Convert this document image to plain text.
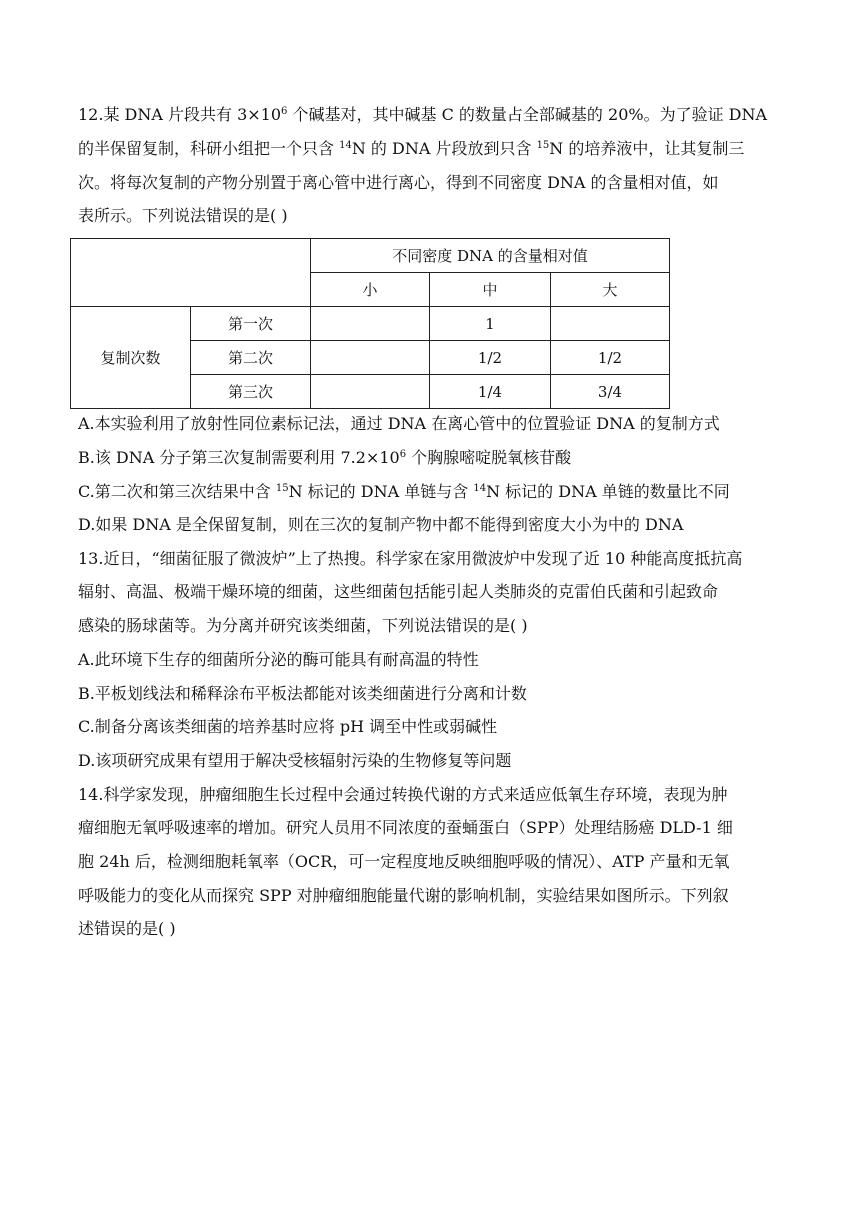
12.某 DNA 片段共有 $3\times 10^6$ 个碱基对，其中碱基 C 的数量占全部碱基的 20%。为了验证 DNA
的半保留复制，科研小组把一个只含 $^{14}$N 的 DNA 片段放到只含 $^{15}$N 的培养液中，让其复制三
次。将每次复制的产物分别置于离心管中进行离心，得到不同密度 DNA 的含量相对值，如
表所示。下列说法错误的是( )
		不同密度 DNA 的含量相对值		
		小	中	大
复制次数	第一次		1	
	第二次		1/2	1/2
	第三次		1/4	3/4
A.本实验利用了放射性同位素标记法，通过 DNA 在离心管中的位置验证 DNA 的复制方式
B.该 DNA 分子第三次复制需要利用 $7.2\times 10^6$ 个胸腺嘧啶脱氧核苷酸
C.第二次和第三次结果中含 $^{15}$N 标记的 DNA 单链与含 $^{14}$N 标记的 DNA 单链的数量比不同
D.如果 DNA 是全保留复制，则在三次的复制产物中都不能得到密度大小为中的 DNA
13.近日，“细菌征服了微波炉”上了热搜。科学家在家用微波炉中发现了近 10 种能高度抵抗高
辐射、高温、极端干燥环境的细菌，这些细菌包括能引起人类肺炎的克雷伯氏菌和引起致命
感染的肠球菌等。为分离并研究该类细菌，下列说法错误的是( )
A.此环境下生存的细菌所分泌的酶可能具有耐高温的特性
B.平板划线法和稀释涂布平板法都能对该类细菌进行分离和计数
C.制备分离该类细菌的培养基时应将 pH 调至中性或弱碱性
D.该项研究成果有望用于解决受核辐射污染的生物修复等问题
14.科学家发现，肿瘤细胞生长过程中会通过转换代谢的方式来适应低氧生存环境，表现为肿
瘤细胞无氧呼吸速率的增加。研究人员用不同浓度的蚕蛹蛋白（SPP）处理结肠癌 DLD-1 细
胞 24h 后，检测细胞耗氧率（OCR，可一定程度地反映细胞呼吸的情况）、ATP 产量和无氧
呼吸能力的变化从而探究 SPP 对肿瘤细胞能量代谢的影响机制，实验结果如图所示。下列叙
述错误的是( )
